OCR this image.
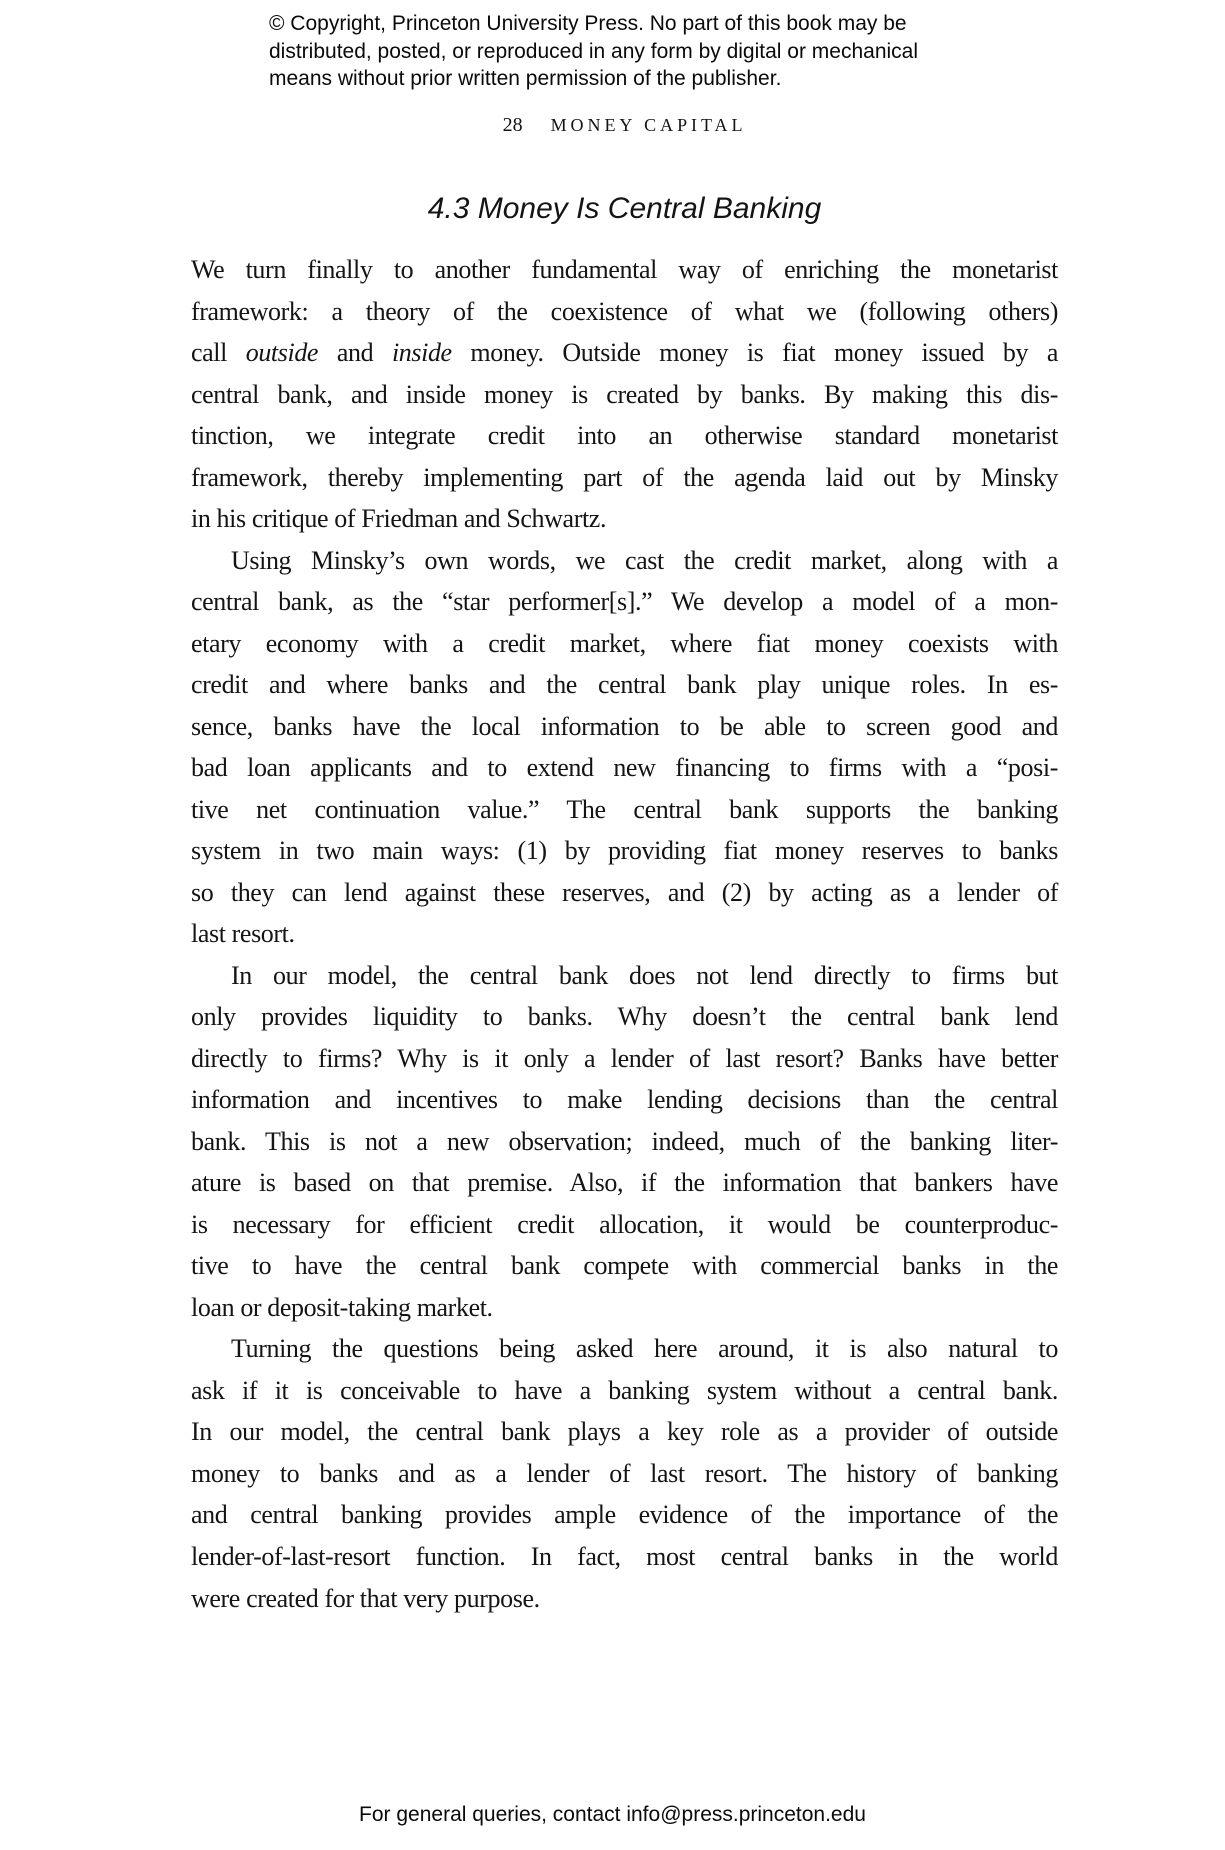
© Copyright, Princeton University Press. No part of this book may be
distributed, posted, or reproduced in any form by digital or mechanical
means without prior written permission of the publisher.
28 MONEY CAPITAL
4.3 Money Is Central Banking
We turn finally to another fundamental way of enriching the monetarist
framework: a theory of the coexistence of what we (following others)
call outside and inside money. Outside money is fiat money issued by a
central bank, and inside money is created by banks. By making this dis-
tinction, we integrate credit into an otherwise standard monetarist
framework, thereby implementing part of the agenda laid out by Minsky
in his critique of Friedman and Schwartz.
Using Minsky’s own words, we cast the credit market, along with a
central bank, as the “star performer[s].” We develop a model of a mon-
etary economy with a credit market, where fiat money coexists with
credit and where banks and the central bank play unique roles. In es-
sence, banks have the local information to be able to screen good and
bad loan applicants and to extend new financing to firms with a “posi-
tive net continuation value.” The central bank supports the banking
system in two main ways: (1) by providing fiat money reserves to banks
so they can lend against these reserves, and (2) by acting as a lender of
last resort.
In our model, the central bank does not lend directly to firms but
only provides liquidity to banks. Why doesn’t the central bank lend
directly to firms? Why is it only a lender of last resort? Banks have better
information and incentives to make lending decisions than the central
bank. This is not a new observation; indeed, much of the banking liter-
ature is based on that premise. Also, if the information that bankers have
is necessary for efficient credit allocation, it would be counterproduc-
tive to have the central bank compete with commercial banks in the
loan or deposit-taking market.
Turning the questions being asked here around, it is also natural to
ask if it is conceivable to have a banking system without a central bank.
In our model, the central bank plays a key role as a provider of outside
money to banks and as a lender of last resort. The history of banking
and central banking provides ample evidence of the importance of the
lender-of-last-resort function. In fact, most central banks in the world
were created for that very purpose.
For general queries, contact info@press.princeton.edu
